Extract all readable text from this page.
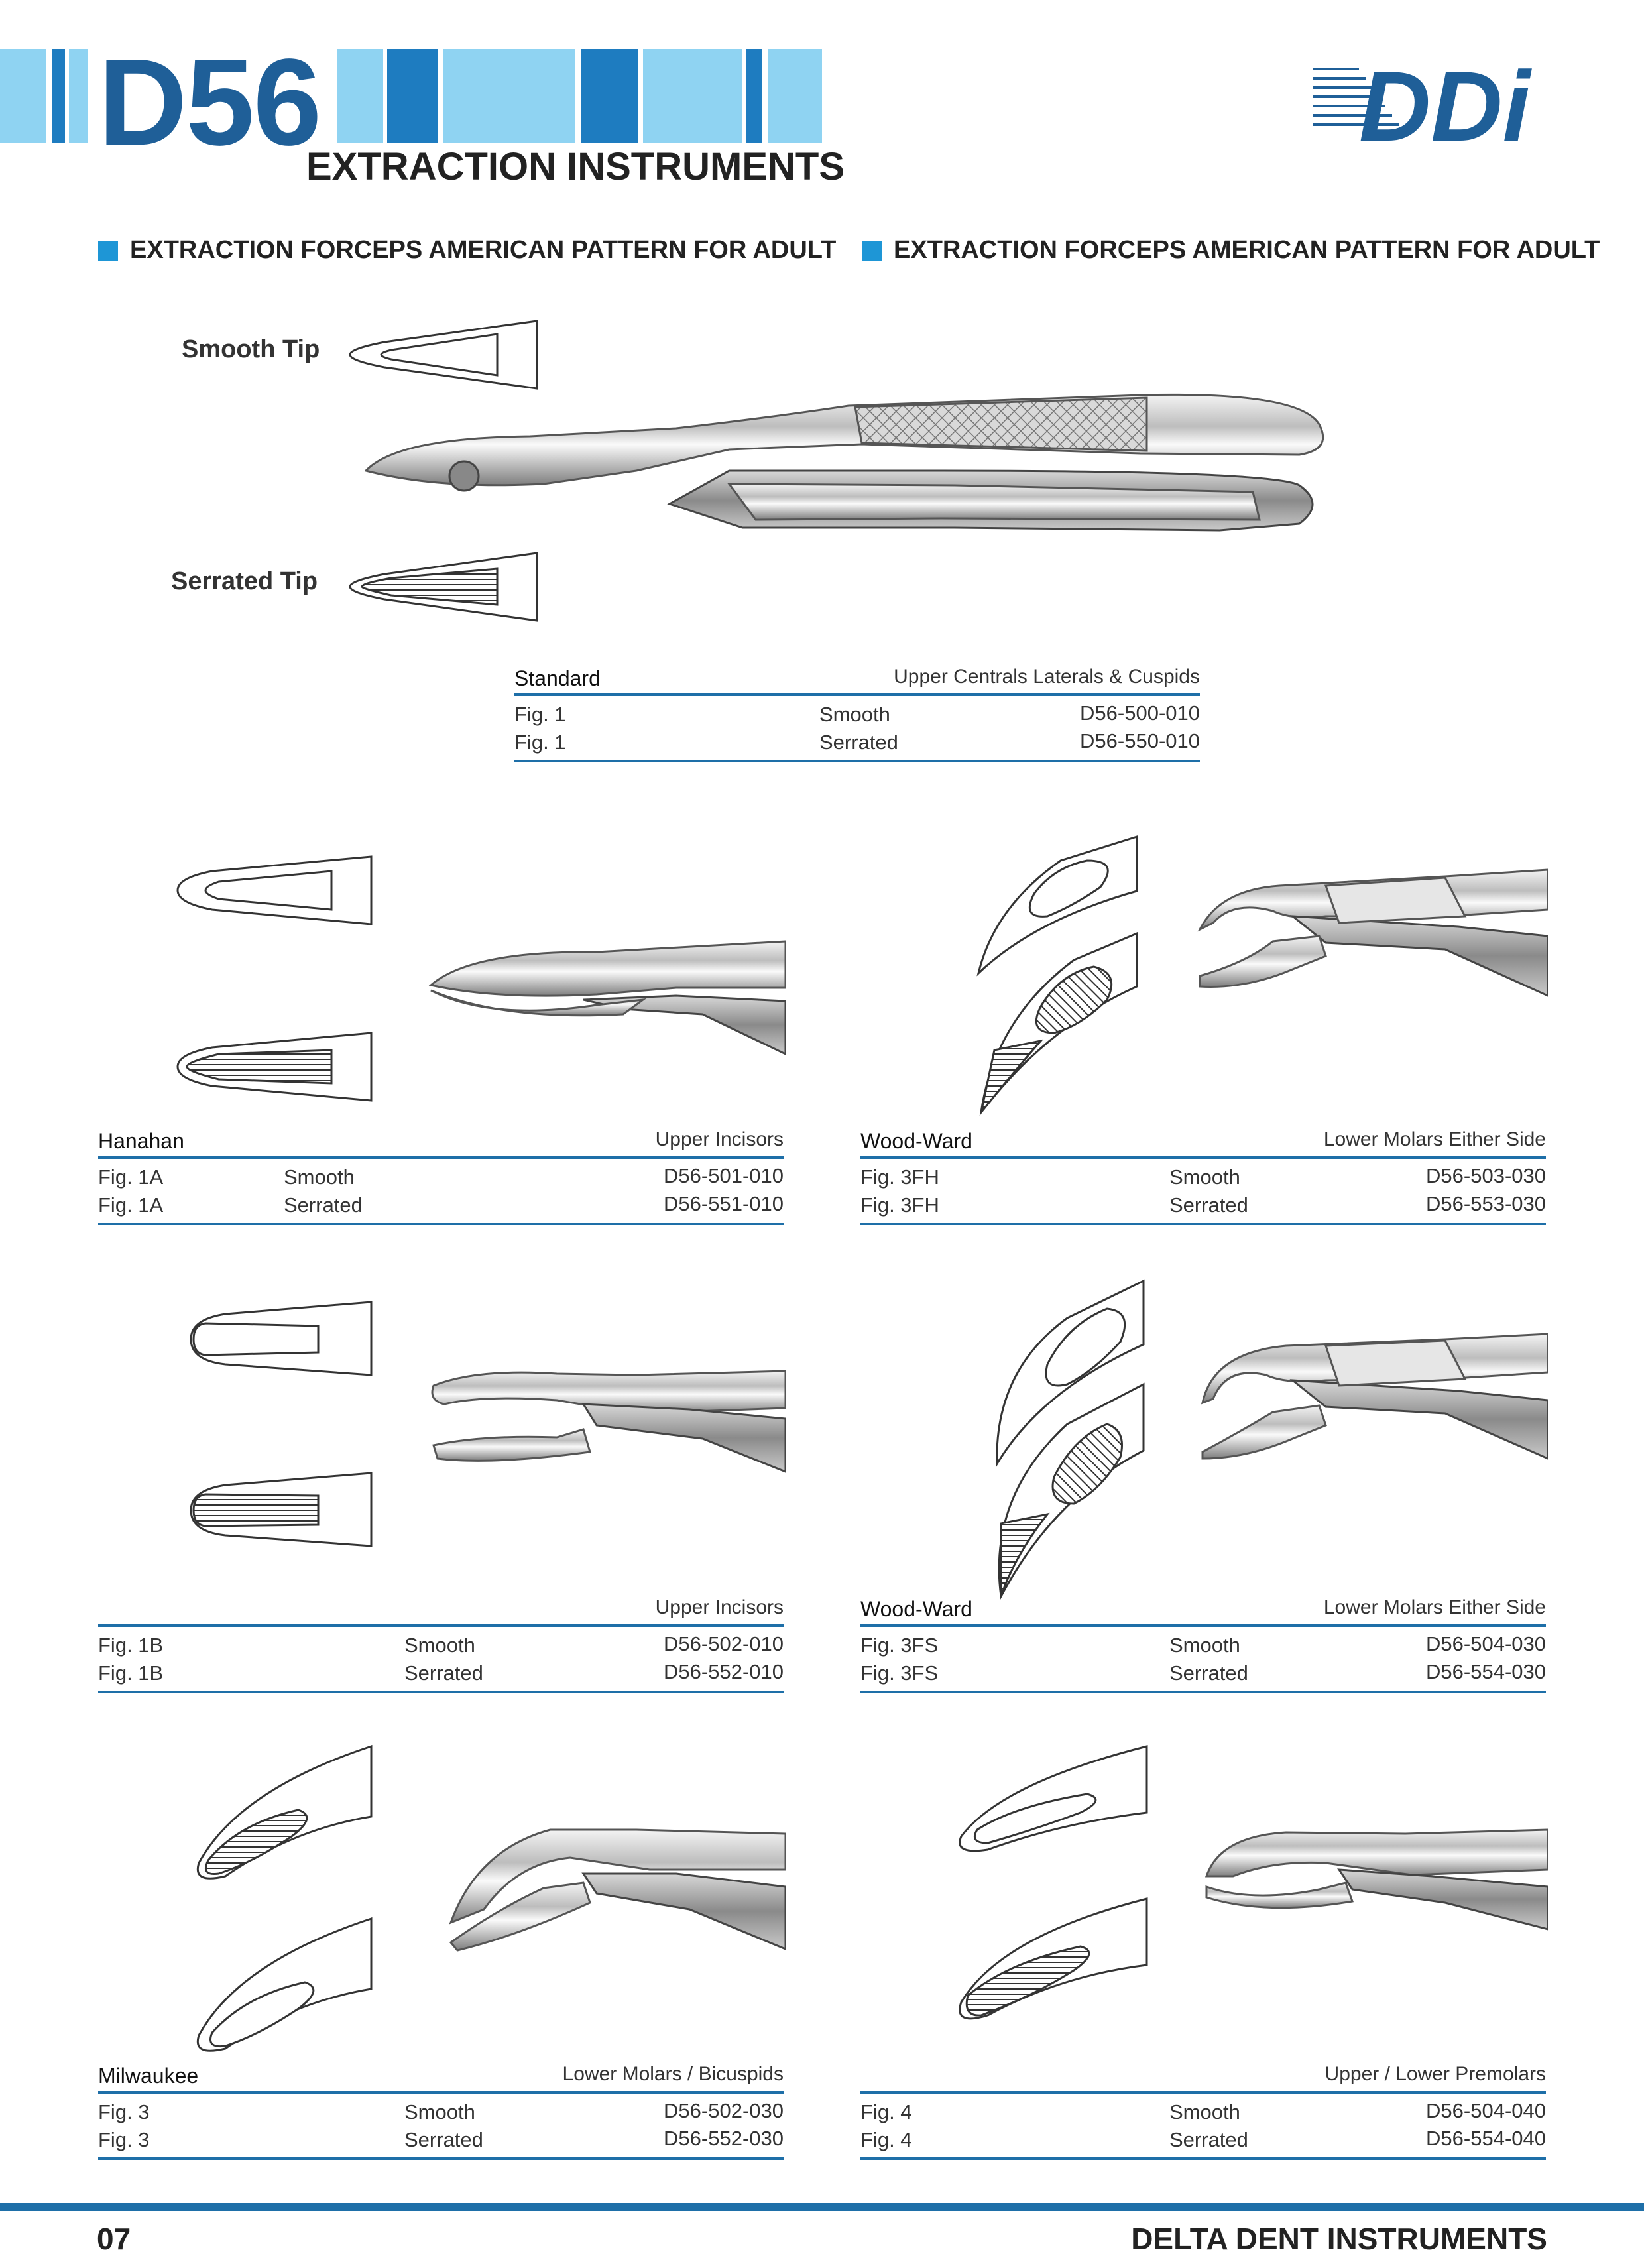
D56
EXTRACTION INSTRUMENTS
DDi
EXTRACTION FORCEPS AMERICAN PATTERN FOR ADULT EXTRACTION FORCEPS AMERICAN PATTERN FOR ADULT
Smooth Tip
Serrated Tip
Standard	Upper Centrals Laterals & Cuspids
Fig. 1	Smooth	D56-500-010
Fig. 1	Serrated	D56-550-010
Hanahan	Upper Incisors
Fig. 1A	Smooth	D56-501-010
Fig. 1A	Serrated	D56-551-010
Wood-Ward	Lower Molars Either Side
Fig. 3FH	Smooth	D56-503-030
Fig. 3FH	Serrated	D56-553-030
Upper Incisors
Fig. 1B	Smooth	D56-502-010
Fig. 1B	Serrated	D56-552-010
Wood-Ward	Lower Molars Either Side
Fig. 3FS	Smooth	D56-504-030
Fig. 3FS	Serrated	D56-554-030
Milwaukee	Lower Molars / Bicuspids
Fig. 3	Smooth	D56-502-030
Fig. 3	Serrated	D56-552-030
Upper / Lower Premolars
Fig. 4	Smooth	D56-504-040
Fig. 4	Serrated	D56-554-040
07	DELTA DENT INSTRUMENTS
